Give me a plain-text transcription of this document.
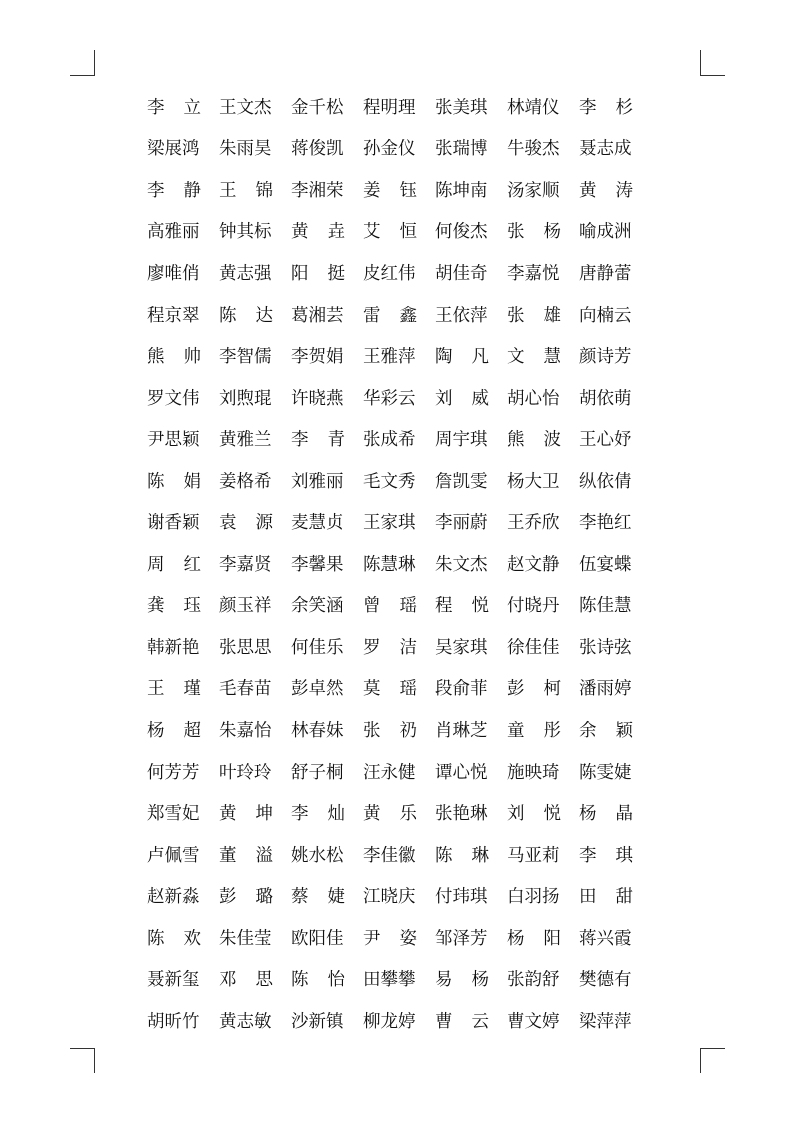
李 立 王文杰 金千松 程明理 张美琪 林靖仪 李 杉
梁展鸿 朱雨昊 蒋俊凯 孙金仪 张瑞博 牛骏杰 聂志成
李 静 王 锦 李湘荣 姜 钰 陈坤南 汤家顺 黄 涛
高雅丽 钟其标 黄 垚 艾 恒 何俊杰 张 杨 喻成洲
廖唯俏 黄志强 阳 挺 皮红伟 胡佳奇 李嘉悦 唐静蕾
程京翠 陈 达 葛湘芸 雷 鑫 王依萍 张 雄 向楠云
熊 帅 李智儒 李贺娟 王雅萍 陶 凡 文 慧 颜诗芳
罗文伟 刘煦琨 许晓燕 华彩云 刘 威 胡心怡 胡依萌
尹思颖 黄雅兰 李 青 张成希 周宇琪 熊 波 王心妤
陈 娟 姜格希 刘雅丽 毛文秀 詹凯雯 杨大卫 纵依倩
谢香颖 袁 源 麦慧贞 王家琪 李丽蔚 王乔欣 李艳红
周 红 李嘉贤 李馨果 陈慧琳 朱文杰 赵文静 伍宴蝶
龚 珏 颜玉祥 余笑涵 曾 瑶 程 悦 付晓丹 陈佳慧
韩新艳 张思思 何佳乐 罗 洁 吴家琪 徐佳佳 张诗弦
王 瑾 毛春苗 彭卓然 莫 瑶 段俞菲 彭 柯 潘雨婷
杨 超 朱嘉怡 林春妹 张 礽 肖琳芝 童 彤 余 颖
何芳芳 叶玲玲 舒子桐 汪永健 谭心悦 施映琦 陈雯婕
郑雪妃 黄 坤 李 灿 黄 乐 张艳琳 刘 悦 杨 晶
卢佩雪 董 溢 姚水松 李佳徽 陈 琳 马亚莉 李 琪
赵新淼 彭 璐 蔡 婕 江晓庆 付玮琪 白羽扬 田 甜
陈 欢 朱佳莹 欧阳佳 尹 姿 邹泽芳 杨 阳 蒋兴霞
聂新玺 邓 思 陈 怡 田攀攀 易 杨 张韵舒 樊德有
胡昕竹 黄志敏 沙新镇 柳龙婷 曹 云 曹文婷 梁萍萍
